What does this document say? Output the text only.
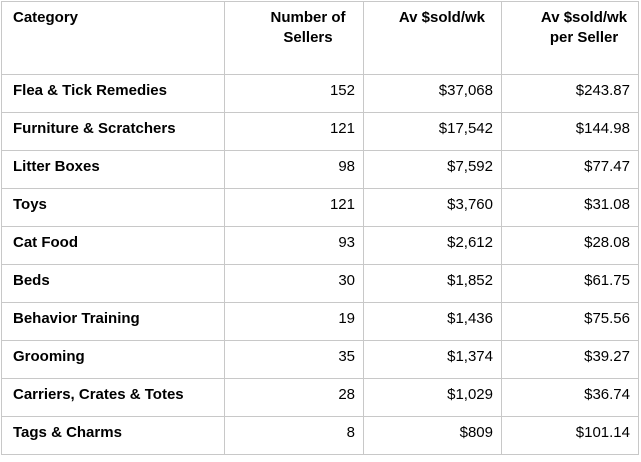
Category	Number of Sellers	Av $sold/wk	Av $sold/wk per Seller
Flea & Tick Remedies	152	$37,068	$243.87
Furniture & Scratchers	121	$17,542	$144.98
Litter Boxes	98	$7,592	$77.47
Toys	121	$3,760	$31.08
Cat Food	93	$2,612	$28.08
Beds	30	$1,852	$61.75
Behavior Training	19	$1,436	$75.56
Grooming	35	$1,374	$39.27
Carriers, Crates & Totes	28	$1,029	$36.74
Tags & Charms	8	$809	$101.14
